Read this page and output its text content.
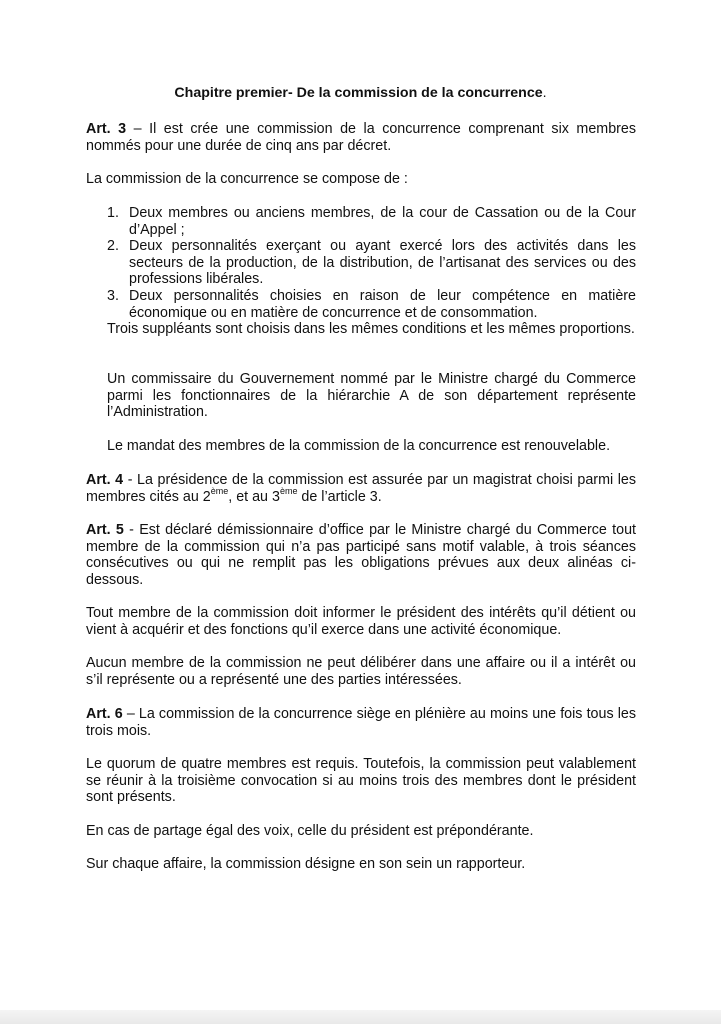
Chapitre premier- De la commission de la concurrence.
Art. 3 – Il est crée une commission de la concurrence comprenant six membres nommés pour une durée de cinq ans par décret.
La commission de la concurrence se compose de :
1. Deux membres ou anciens membres, de la cour de Cassation ou de la Cour d’Appel ;
2. Deux personnalités exerçant ou ayant exercé lors des activités dans les secteurs de la production, de la distribution, de l’artisanat des services ou des professions libérales.
3. Deux personnalités choisies en raison de leur compétence en matière économique ou en matière de concurrence et de consommation.
Trois suppléants sont choisis dans les mêmes conditions et les mêmes proportions.
Un commissaire du Gouvernement nommé par le Ministre chargé du Commerce parmi les fonctionnaires de la hiérarchie A de son département représente l’Administration.
Le mandat des membres de la commission de la concurrence est renouvelable.
Art. 4 - La présidence de la commission est assurée par un magistrat choisi parmi les membres cités au 2ème, et au 3ème de l’article 3.
Art. 5 - Est déclaré démissionnaire d’office par le Ministre chargé du Commerce tout membre de la commission qui n’a pas participé sans motif valable, à trois séances consécutives ou qui ne remplit pas les obligations prévues aux deux alinéas ci-dessous.
Tout membre de la commission doit informer le président des intérêts qu’il détient ou vient à acquérir et des fonctions qu’il exerce dans une activité économique.
Aucun membre de la commission ne peut délibérer dans une affaire ou il a intérêt ou s’il représente ou a représenté une des parties intéressées.
Art. 6 – La commission de la concurrence siège en plénière au moins une fois tous les trois mois.
Le quorum de quatre membres est requis. Toutefois, la commission peut valablement se réunir à la troisième convocation si au moins trois des membres dont le président sont présents.
En cas de partage égal des voix, celle du président est prépondérante.
Sur chaque affaire, la commission désigne en son sein un rapporteur.
